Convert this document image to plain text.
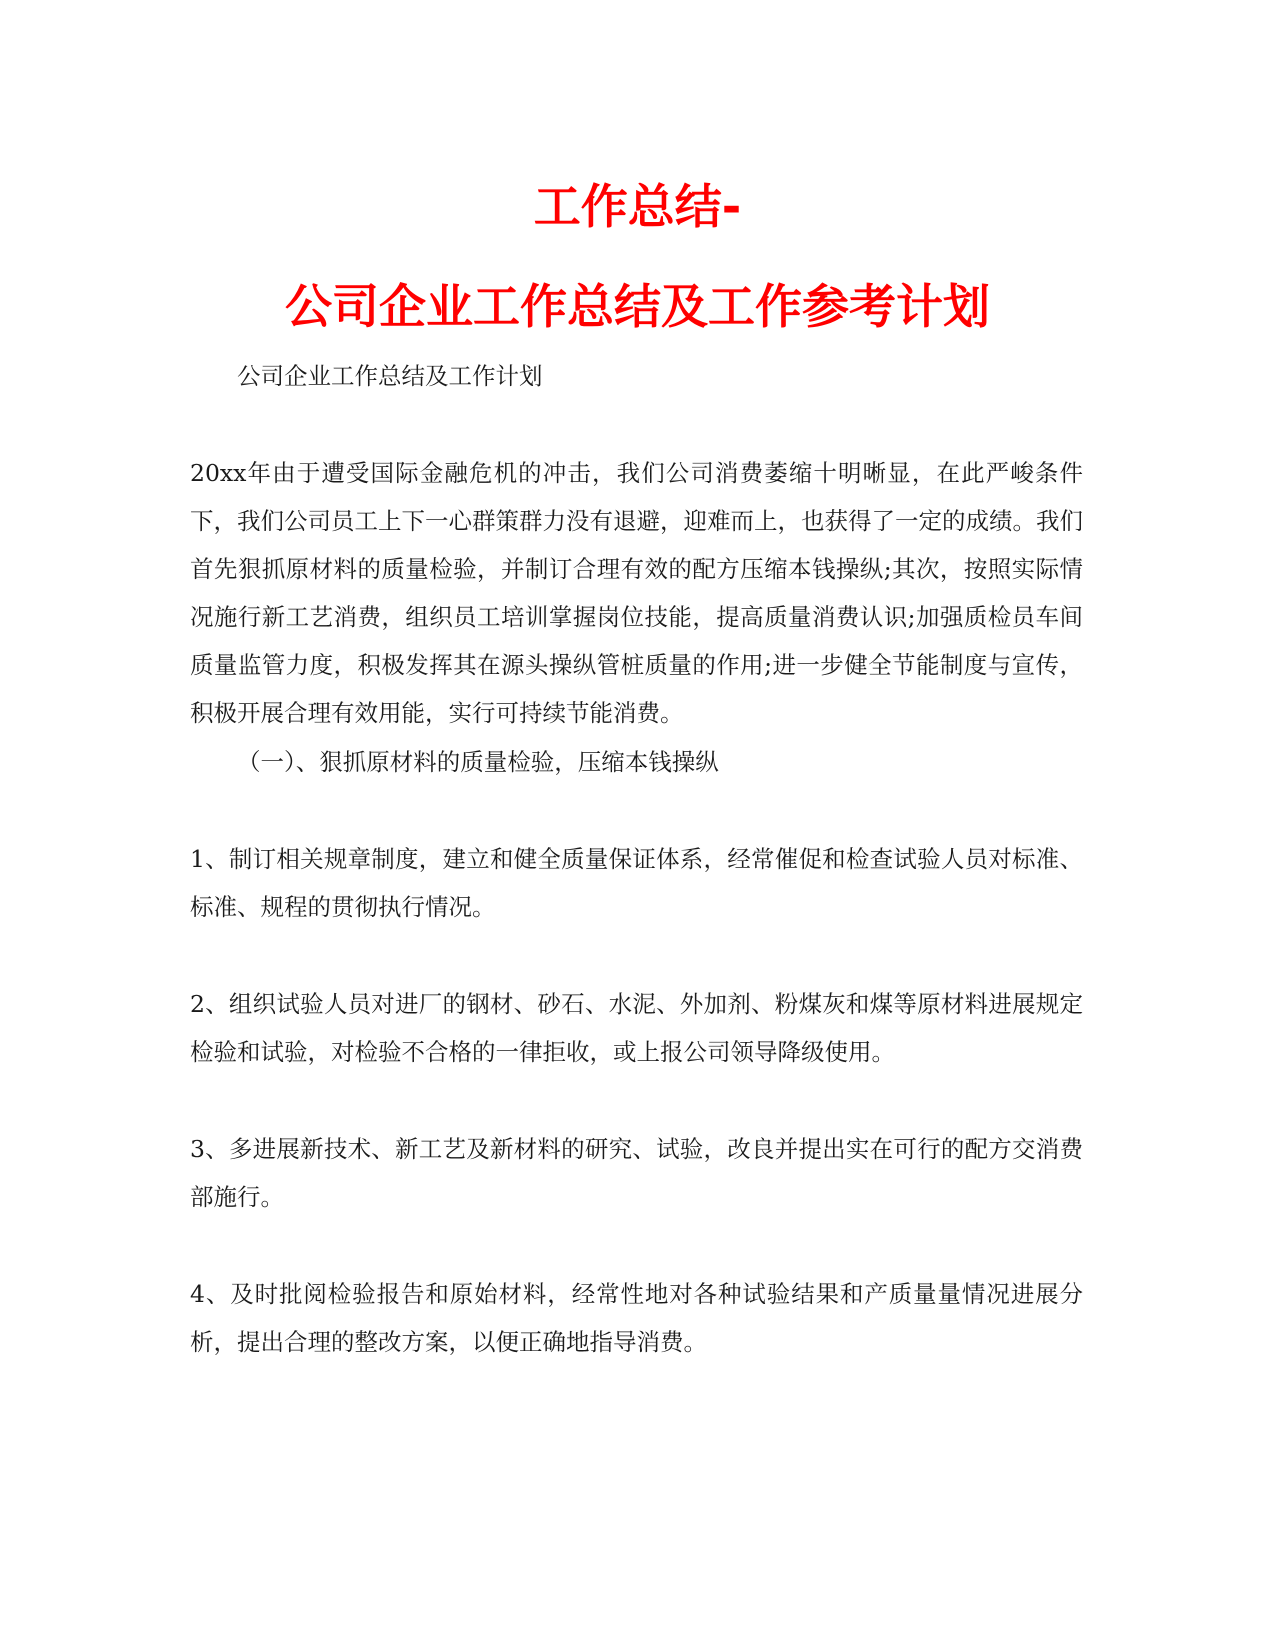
工作总结-
公司企业工作总结及工作参考计划

公司企业工作总结及工作计划

20xx年由于遭受国际金融危机的冲击，我们公司消费萎缩十明晰显，在此严峻条件下，我们公司员工上下一心群策群力没有退避，迎难而上，也获得了一定的成绩。我们首先狠抓原材料的质量检验，并制订合理有效的配方压缩本钱操纵;其次，按照实际情况施行新工艺消费，组织员工培训掌握岗位技能，提高质量消费认识;加强质检员车间质量监管力度，积极发挥其在源头操纵管桩质量的作用;进一步健全节能制度与宣传，积极开展合理有效用能，实行可持续节能消费。

（一）、狠抓原材料的质量检验，压缩本钱操纵

1、制订相关规章制度，建立和健全质量保证体系，经常催促和检查试验人员对标准、标准、规程的贯彻执行情况。

2、组织试验人员对进厂的钢材、砂石、水泥、外加剂、粉煤灰和煤等原材料进展规定检验和试验，对检验不合格的一律拒收，或上报公司领导降级使用。

3、多进展新技术、新工艺及新材料的研究、试验，改良并提出实在可行的配方交消费部施行。

4、及时批阅检验报告和原始材料，经常性地对各种试验结果和产质量量情况进展分析，提出合理的整改方案，以便正确地指导消费。
